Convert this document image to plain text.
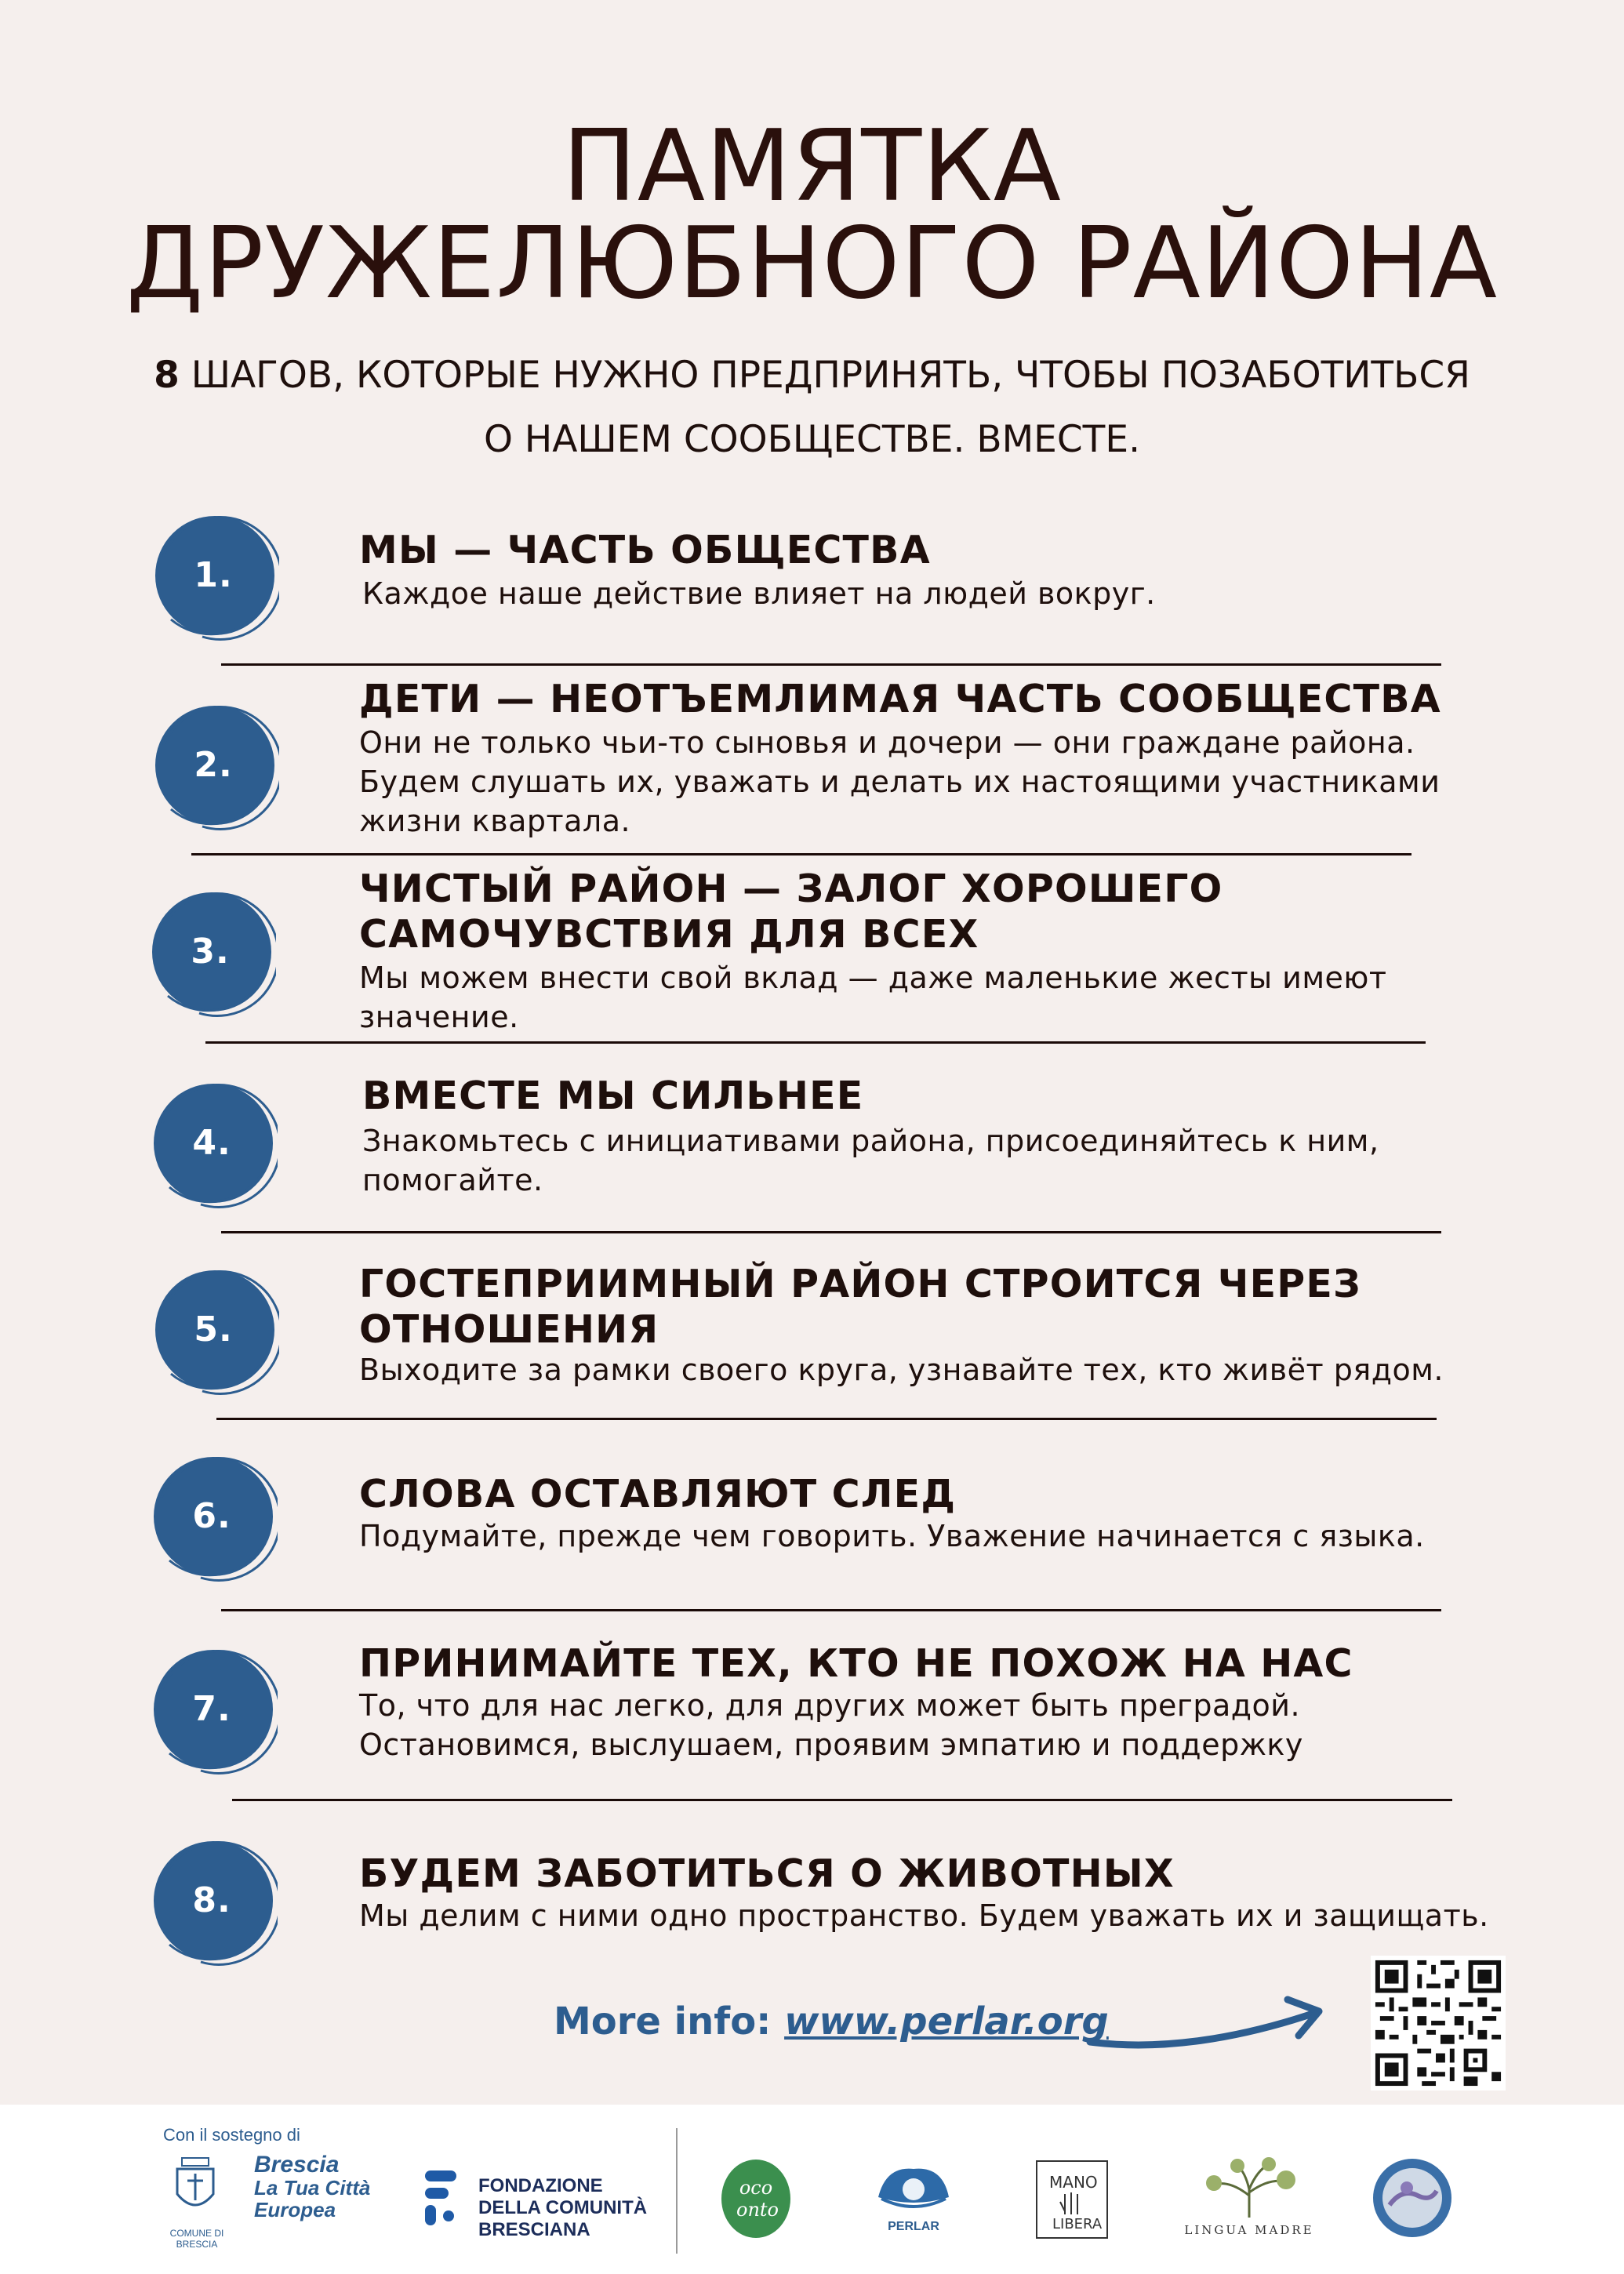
ПАМЯТКА
ДРУЖЕЛЮБНОГО РАЙОНА
8 ШАГОВ, КОТОРЫЕ НУЖНО ПРЕДПРИНЯТЬ, ЧТОБЫ ПОЗАБОТИТЬСЯ
О НАШЕМ СООБЩЕСТВЕ. ВМЕСТЕ.
1.
МЫ — ЧАСТЬ ОБЩЕСТВА
Каждое наше действие влияет на людей вокруг.
2.
ДЕТИ — НЕОТЪЕМЛИМАЯ ЧАСТЬ СООБЩЕСТВА
Они не только чьи-то сыновья и дочери — они граждане района.
Будем слушать их, уважать и делать их настоящими участниками
жизни квартала.
3.
ЧИСТЫЙ РАЙОН — ЗАЛОГ ХОРОШЕГО
САМОЧУВСТВИЯ ДЛЯ ВСЕХ
Мы можем внести свой вклад — даже маленькие жесты имеют
значение.
4.
ВМЕСТЕ МЫ СИЛЬНЕЕ
Знакомьтесь с инициативами района, присоединяйтесь к ним,
помогайте.
5.
ГОСТЕПРИИМНЫЙ РАЙОН СТРОИТСЯ ЧЕРЕЗ
ОТНОШЕНИЯ
Выходите за рамки своего круга, узнавайте тех, кто живёт рядом.
6.	СЛОВА ОСТАВЛЯЮТ СЛЕД
Подумайте, прежде чем говорить. Уважение начинается с языка.
7.
ПРИНИМАЙТЕ ТЕХ, КТО НЕ ПОХОЖ НА НАС
То, что для нас легко, для других может быть преградой.
Остановимся, выслушаем, проявим эмпатию и поддержку
8.
БУДЕМ ЗАБОТИТЬСЯ О ЖИВОТНЫХ
Мы делим с ними одно пространство. Будем уважать их и защищать.
More info: www.perlar.org
Con il sostegno di
COMUNE DI BRESCIA
Brescia
La Tua Città
Europea
FONDAZIONE
DELLA COMUNITÀ
BRESCIANA
oco
onto
PERLAR
MANO
LIBERA	LINGUA MADRE
